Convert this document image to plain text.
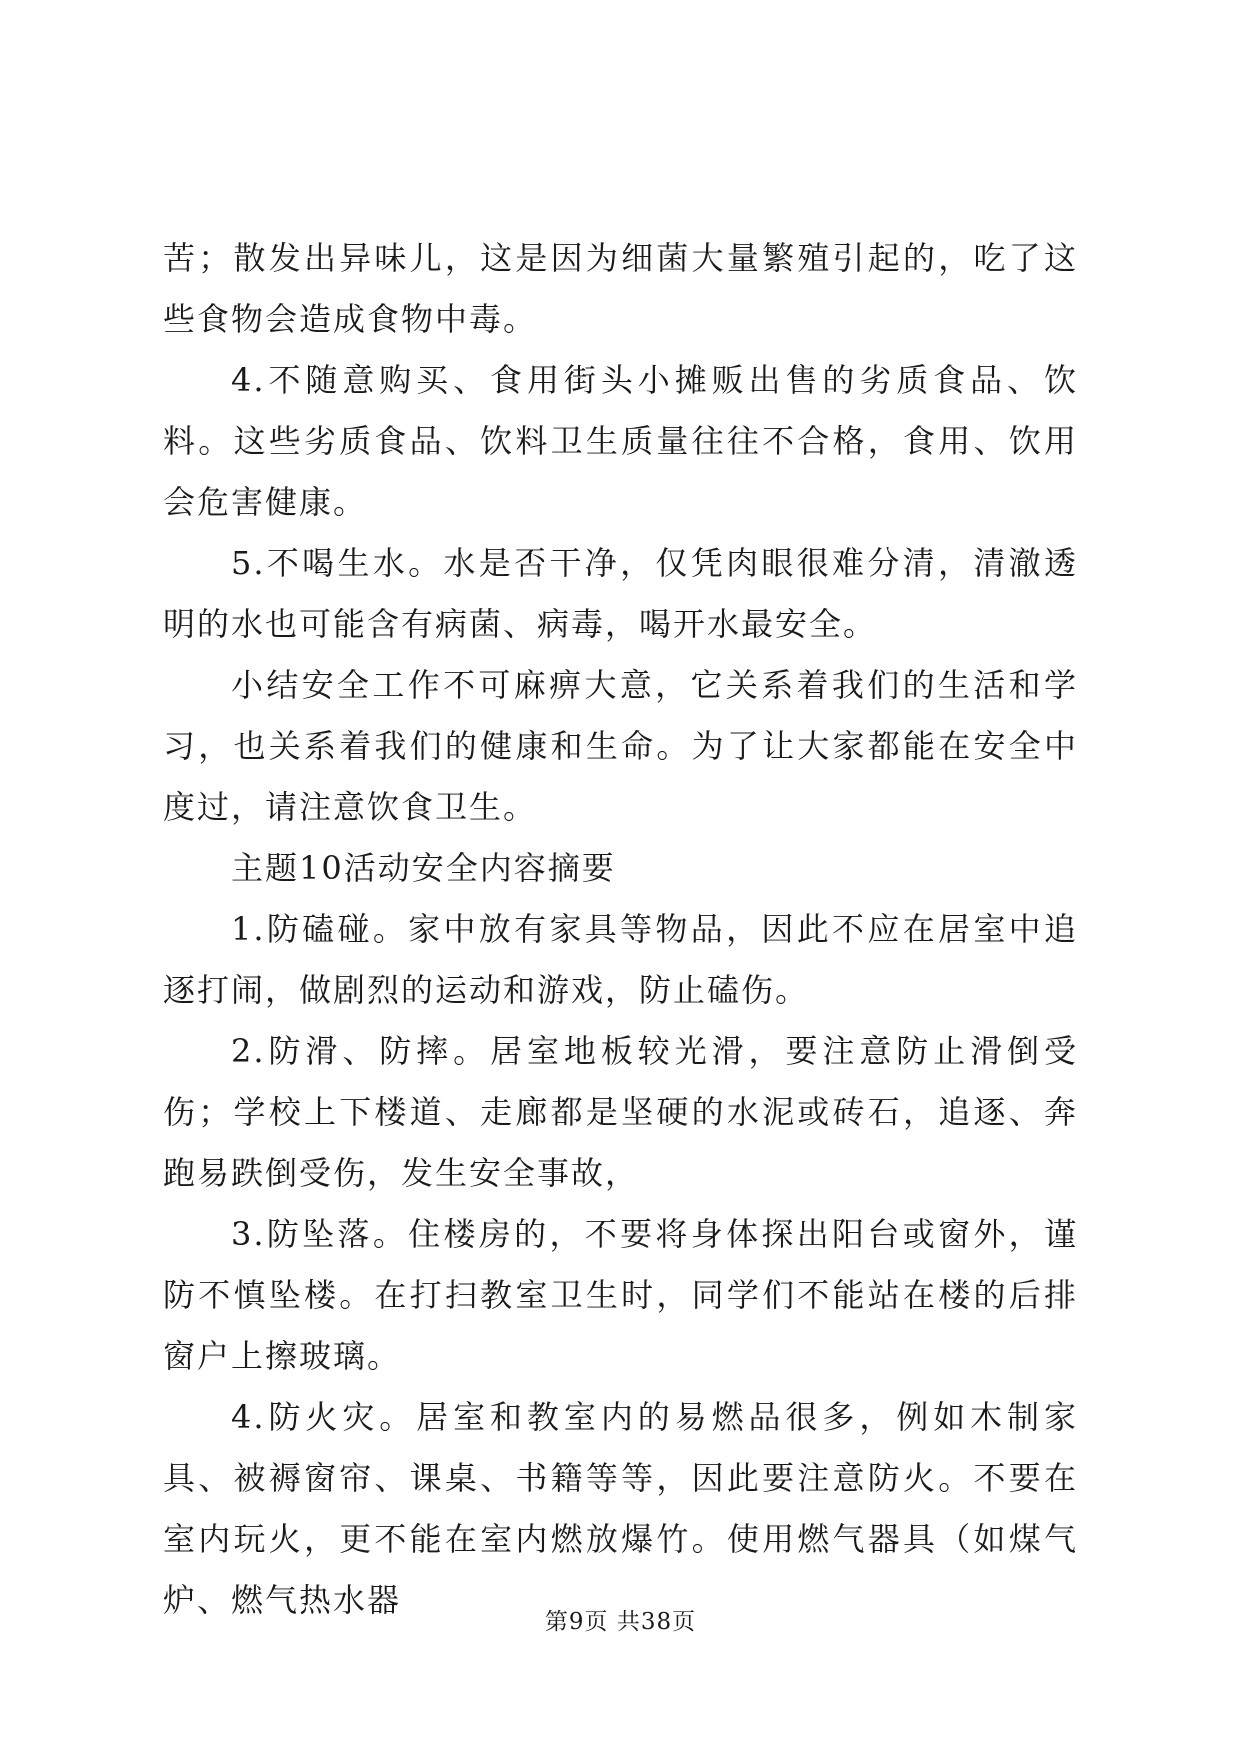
苦；散发出异味儿，这是因为细菌大量繁殖引起的，吃了这些食物会造成食物中毒。

4.不随意购买、食用街头小摊贩出售的劣质食品、饮料。这些劣质食品、饮料卫生质量往往不合格，食用、饮用会危害健康。

5.不喝生水。水是否干净，仅凭肉眼很难分清，清澈透明的水也可能含有病菌、病毒，喝开水最安全。

小结安全工作不可麻痹大意，它关系着我们的生活和学习，也关系着我们的健康和生命。为了让大家都能在安全中度过，请注意饮食卫生。

主题10活动安全内容摘要

1.防磕碰。家中放有家具等物品，因此不应在居室中追逐打闹，做剧烈的运动和游戏，防止磕伤。

2.防滑、防摔。居室地板较光滑，要注意防止滑倒受伤；学校上下楼道、走廊都是坚硬的水泥或砖石，追逐、奔跑易跌倒受伤，发生安全事故，

3.防坠落。住楼房的，不要将身体探出阳台或窗外，谨防不慎坠楼。在打扫教室卫生时，同学们不能站在楼的后排窗户上擦玻璃。

4.防火灾。居室和教室内的易燃品很多，例如木制家具、被褥窗帘、课桌、书籍等等，因此要注意防火。不要在室内玩火，更不能在室内燃放爆竹。使用燃气器具（如煤气炉、燃气热水器

第9页 共38页
